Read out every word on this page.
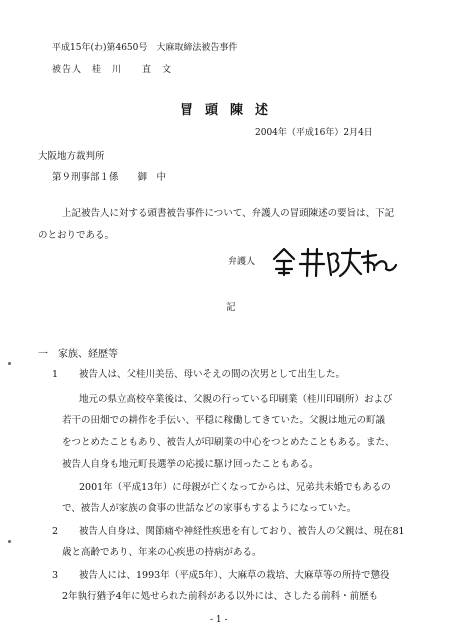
平成15年(わ)第4650号　大麻取締法被告事件
被告人　桂　川　　直　文
冒頭陳述
2004年（平成16年）2月4日
大阪地方裁判所
第９刑事部１係　　御　中
上記被告人に対する頭書被告事件について、弁護人の冒頭陳述の要旨は、下記
のとおりである。
弁護人
記
一　家族、経歴等
1 被告人は、父桂川美岳、母いそえの間の次男として出生した。
地元の県立高校卒業後は、父親の行っている印刷業（桂川印刷所）および
若干の田畑での耕作を手伝い、平穏に稼働してきていた。父親は地元の町議
をつとめたこともあり、被告人が印刷業の中心をつとめたこともある。また、
被告人自身も地元町長選挙の応援に駆け回ったこともある。
2001年（平成13年）に母親が亡くなってからは、兄弟共未婚でもあるの
で、被告人が家族の食事の世話などの家事もするようになっていた。
2 被告人自身は、関節痛や神経性疾患を有しており、被告人の父親は、現在81
歳と高齢であり、年来の心疾患の持病がある。
3 被告人には、1993年（平成5年）、大麻草の栽培、大麻草等の所持で懲役
2年執行猶予4年に処せられた前科がある以外には、さしたる前科・前歴も
- 1 -
